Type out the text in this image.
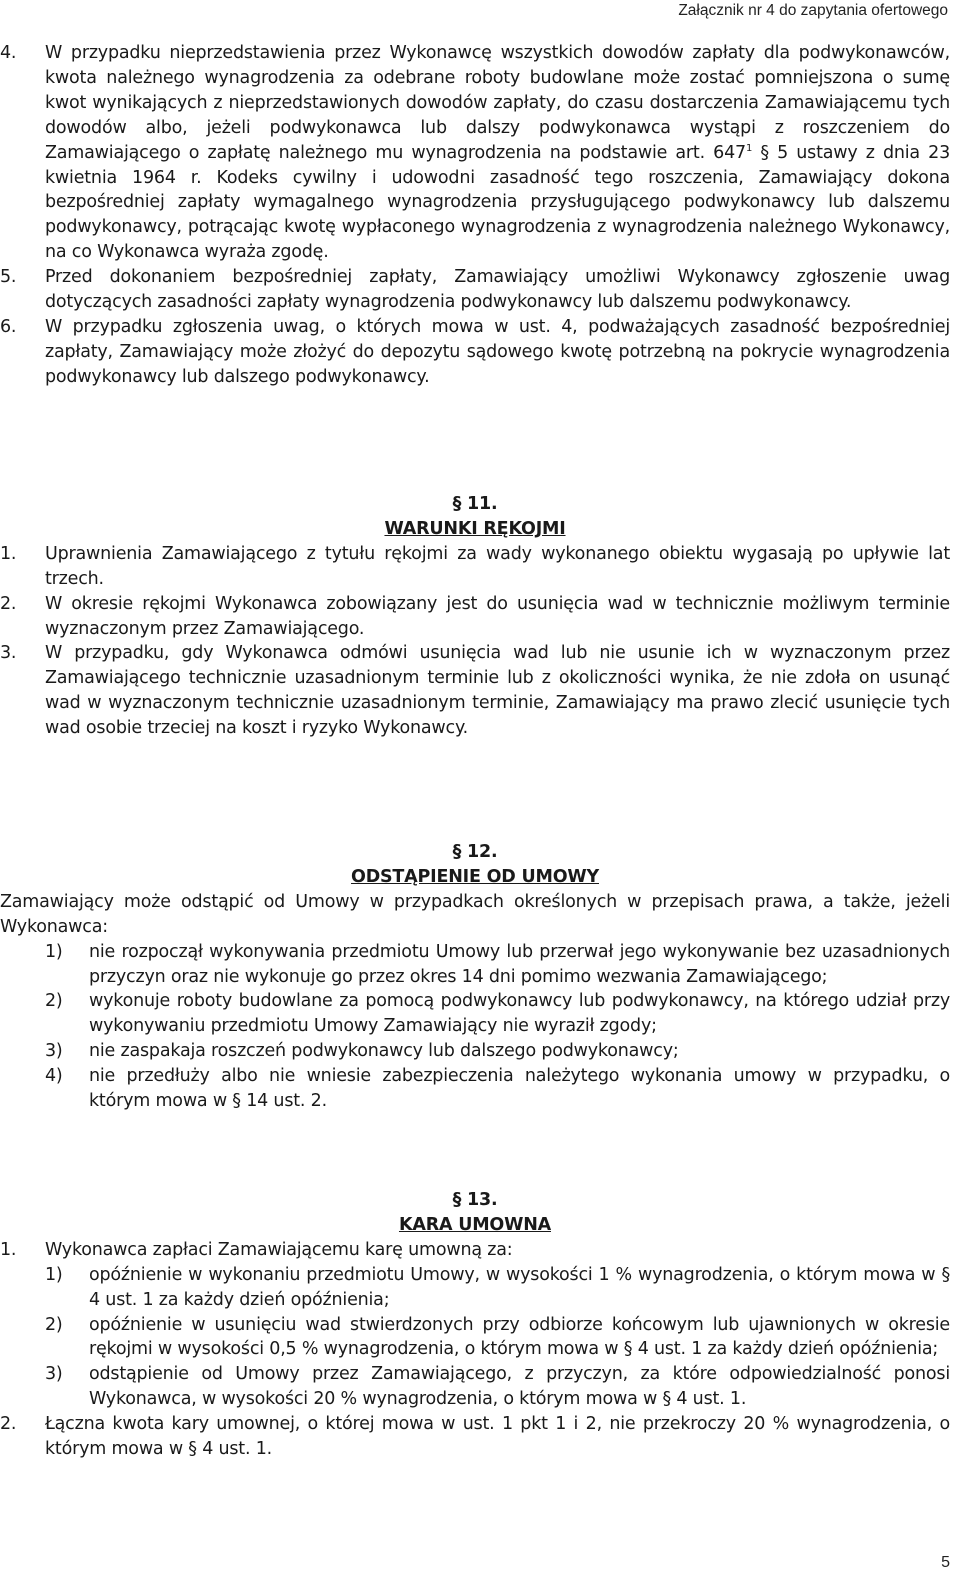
Załącznik nr 4 do zapytania ofertowego
4. W przypadku nieprzedstawienia przez Wykonawcę wszystkich dowodów zapłaty dla podwykonawców, kwota należnego wynagrodzenia za odebrane roboty budowlane może zostać pomniejszona o sumę kwot wynikających z nieprzedstawionych dowodów zapłaty, do czasu dostarczenia Zamawiającemu tych dowodów albo, jeżeli podwykonawca lub dalszy podwykonawca wystąpi z roszczeniem do Zamawiającego o zapłatę należnego mu wynagrodzenia na podstawie art. $647^1$ § 5 ustawy z dnia 23 kwietnia 1964 r. Kodeks cywilny i udowodni zasadność tego roszczenia, Zamawiający dokona bezpośredniej zapłaty wymagalnego wynagrodzenia przysługującego podwykonawcy lub dalszemu podwykonawcy, potrącając kwotę wypłaconego wynagrodzenia z wynagrodzenia należnego Wykonawcy, na co Wykonawca wyraża zgodę.
5. Przed dokonaniem bezpośredniej zapłaty, Zamawiający umożliwi Wykonawcy zgłoszenie uwag dotyczących zasadności zapłaty wynagrodzenia podwykonawcy lub dalszemu podwykonawcy.
6. W przypadku zgłoszenia uwag, o których mowa w ust. 4, podważających zasadność bezpośredniej zapłaty, Zamawiający może złożyć do depozytu sądowego kwotę potrzebną na pokrycie wynagrodzenia podwykonawcy lub dalszego podwykonawcy.
§ 11.
WARUNKI RĘKOJMI
1. Uprawnienia Zamawiającego z tytułu rękojmi za wady wykonanego obiektu wygasają po upływie lat trzech.
2. W okresie rękojmi Wykonawca zobowiązany jest do usunięcia wad w technicznie możliwym terminie wyznaczonym przez Zamawiającego.
3. W przypadku, gdy Wykonawca odmówi usunięcia wad lub nie usunie ich w wyznaczonym przez Zamawiającego technicznie uzasadnionym terminie lub z okoliczności wynika, że nie zdoła on usunąć wad w wyznaczonym technicznie uzasadnionym terminie, Zamawiający ma prawo zlecić usunięcie tych wad osobie trzeciej na koszt i ryzyko Wykonawcy.
§ 12.
ODSTĄPIENIE OD UMOWY
Zamawiający może odstąpić od Umowy w przypadkach określonych w przepisach prawa, a także, jeżeli Wykonawca:
1) nie rozpoczął wykonywania przedmiotu Umowy lub przerwał jego wykonywanie bez uzasadnionych przyczyn oraz nie wykonuje go przez okres 14 dni pomimo wezwania Zamawiającego;
2) wykonuje roboty budowlane za pomocą podwykonawcy lub podwykonawcy, na którego udział przy wykonywaniu przedmiotu Umowy Zamawiający nie wyraził zgody;
3) nie zaspakaja roszczeń podwykonawcy lub dalszego podwykonawcy;
4) nie przedłuży albo nie wniesie zabezpieczenia należytego wykonania umowy w przypadku, o którym mowa w § 14 ust. 2.
§ 13.
KARA UMOWNA
1. Wykonawca zapłaci Zamawiającemu karę umowną za:
1) opóźnienie w wykonaniu przedmiotu Umowy, w wysokości 1 % wynagrodzenia, o którym mowa w § 4 ust. 1 za każdy dzień opóźnienia;
2) opóźnienie w usunięciu wad stwierdzonych przy odbiorze końcowym lub ujawnionych w okresie rękojmi w wysokości 0,5 % wynagrodzenia, o którym mowa w § 4 ust. 1 za każdy dzień opóźnienia;
3) odstąpienie od Umowy przez Zamawiającego, z przyczyn, za które odpowiedzialność ponosi Wykonawca, w wysokości 20 % wynagrodzenia, o którym mowa w § 4 ust. 1.
2. Łączna kwota kary umownej, o której mowa w ust. 1 pkt 1 i 2, nie przekroczy 20 % wynagrodzenia, o którym mowa w § 4 ust. 1.
5
